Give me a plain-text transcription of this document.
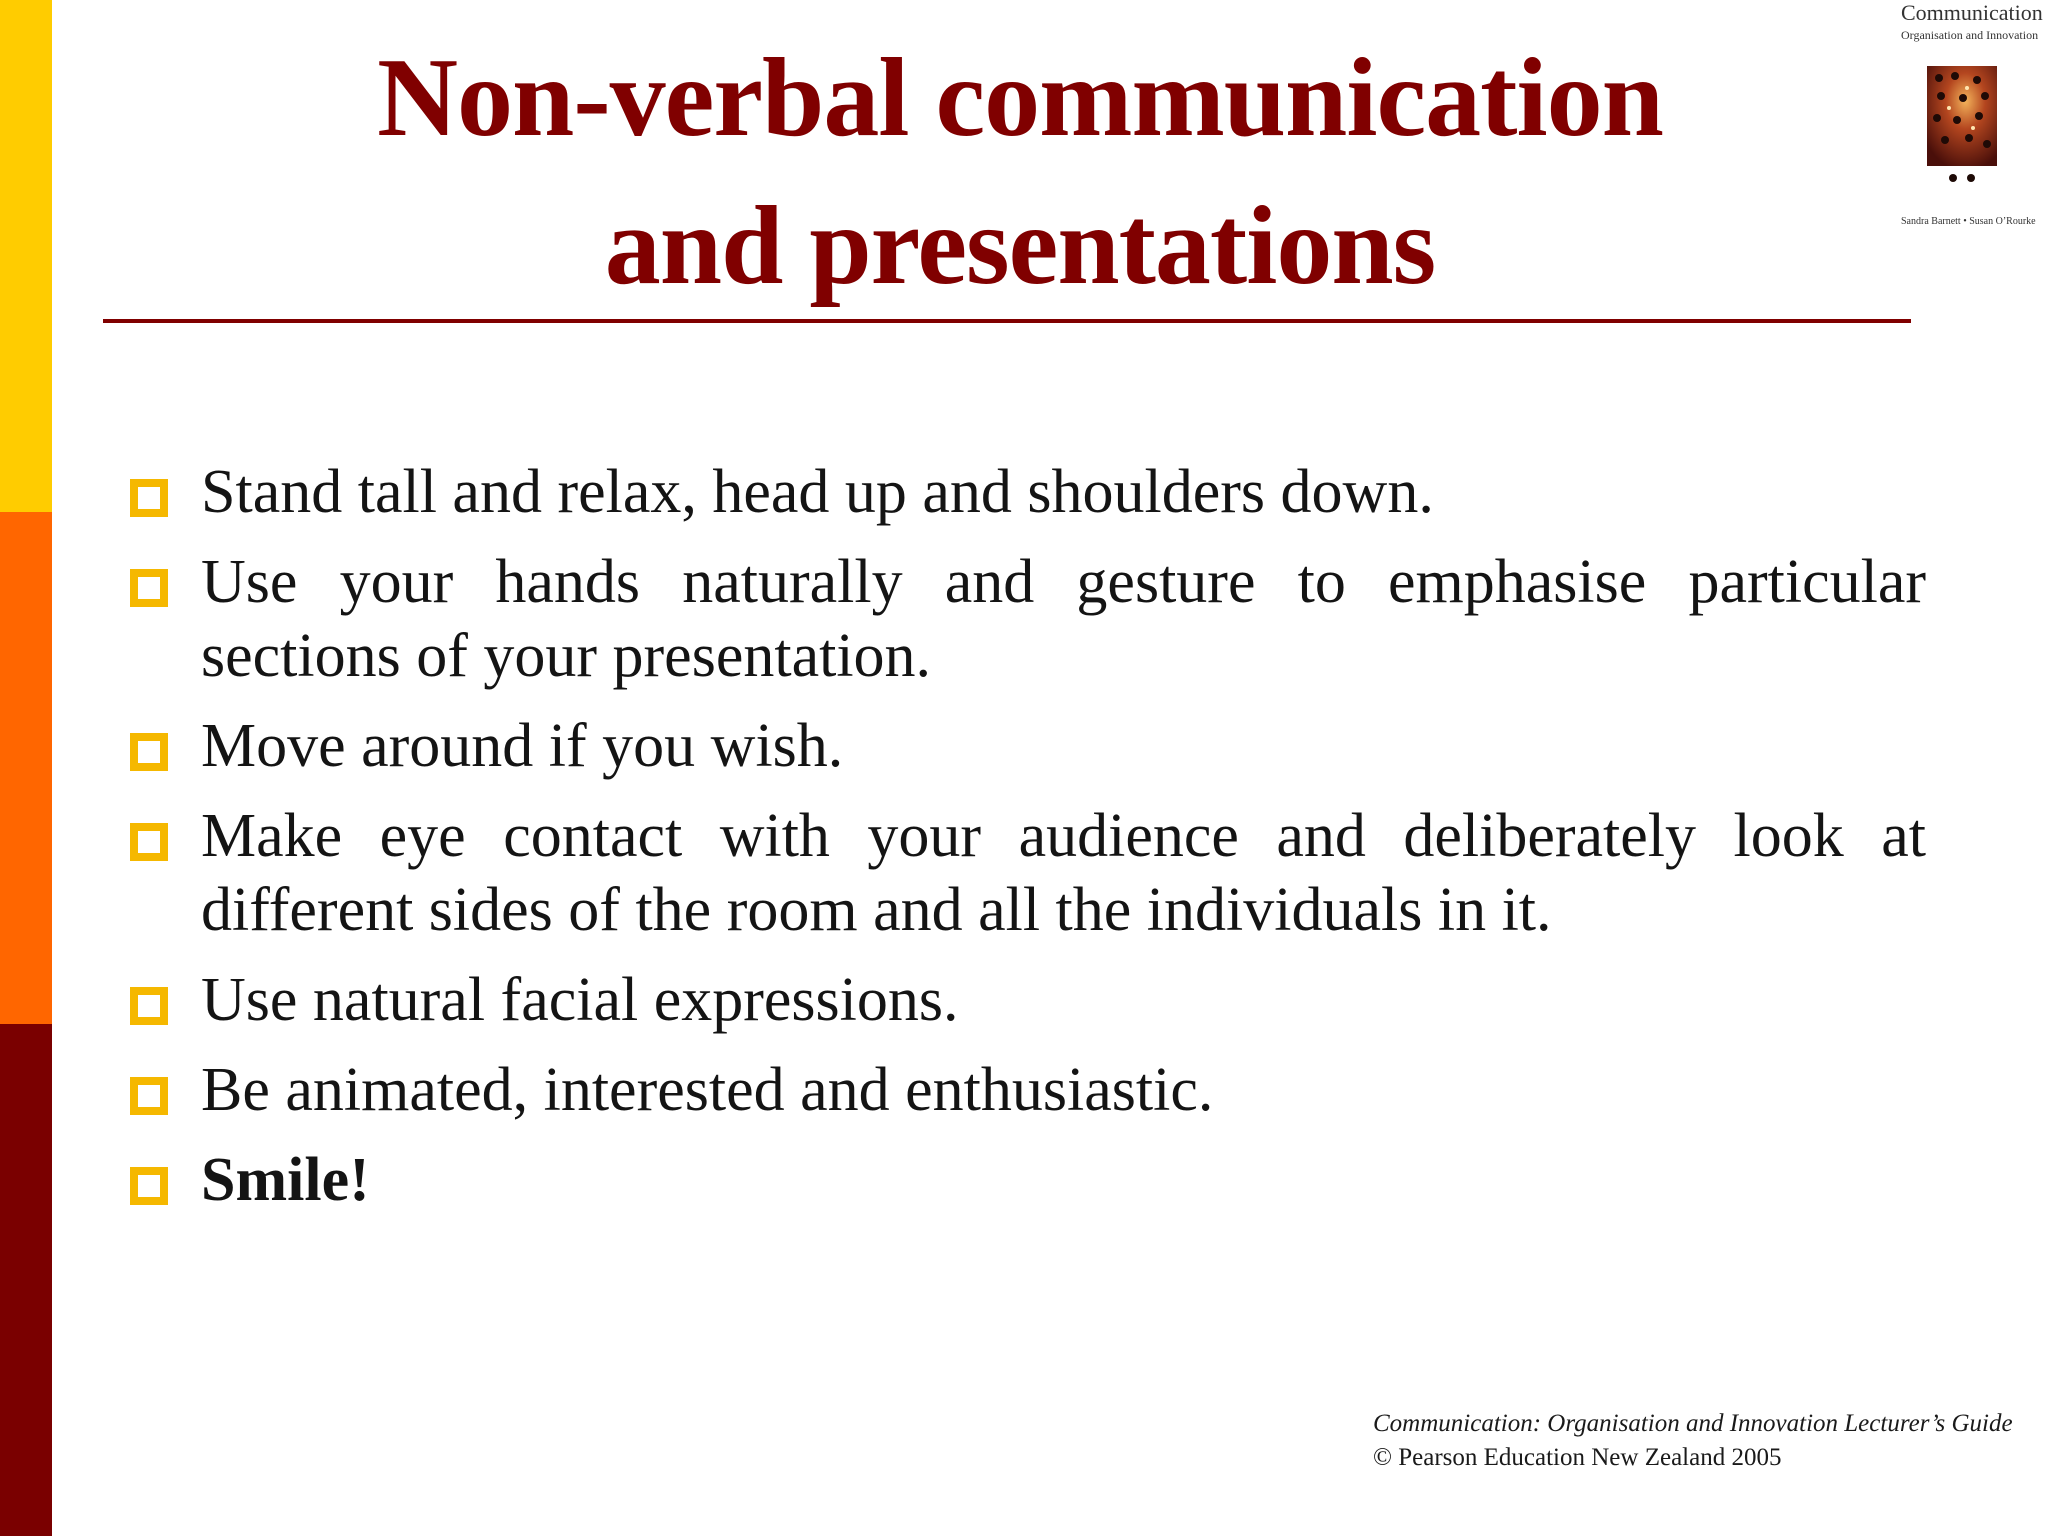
Non-verbal communication
and presentations
Stand tall and relax, head up and shoulders down.
Use your hands naturally and gesture to emphasise particular sections of your presentation.
Move around if you wish.
Make eye contact with your audience and deliberately look at different sides of the room and all the individuals in it.
Use natural facial expressions.
Be animated, interested and enthusiastic.
Smile!
Communication: Organisation and Innovation Lecturer’s Guide
© Pearson Education New Zealand 2005
Communication
Organisation and Innovation
Sandra Barnett • Susan O’Rourke
